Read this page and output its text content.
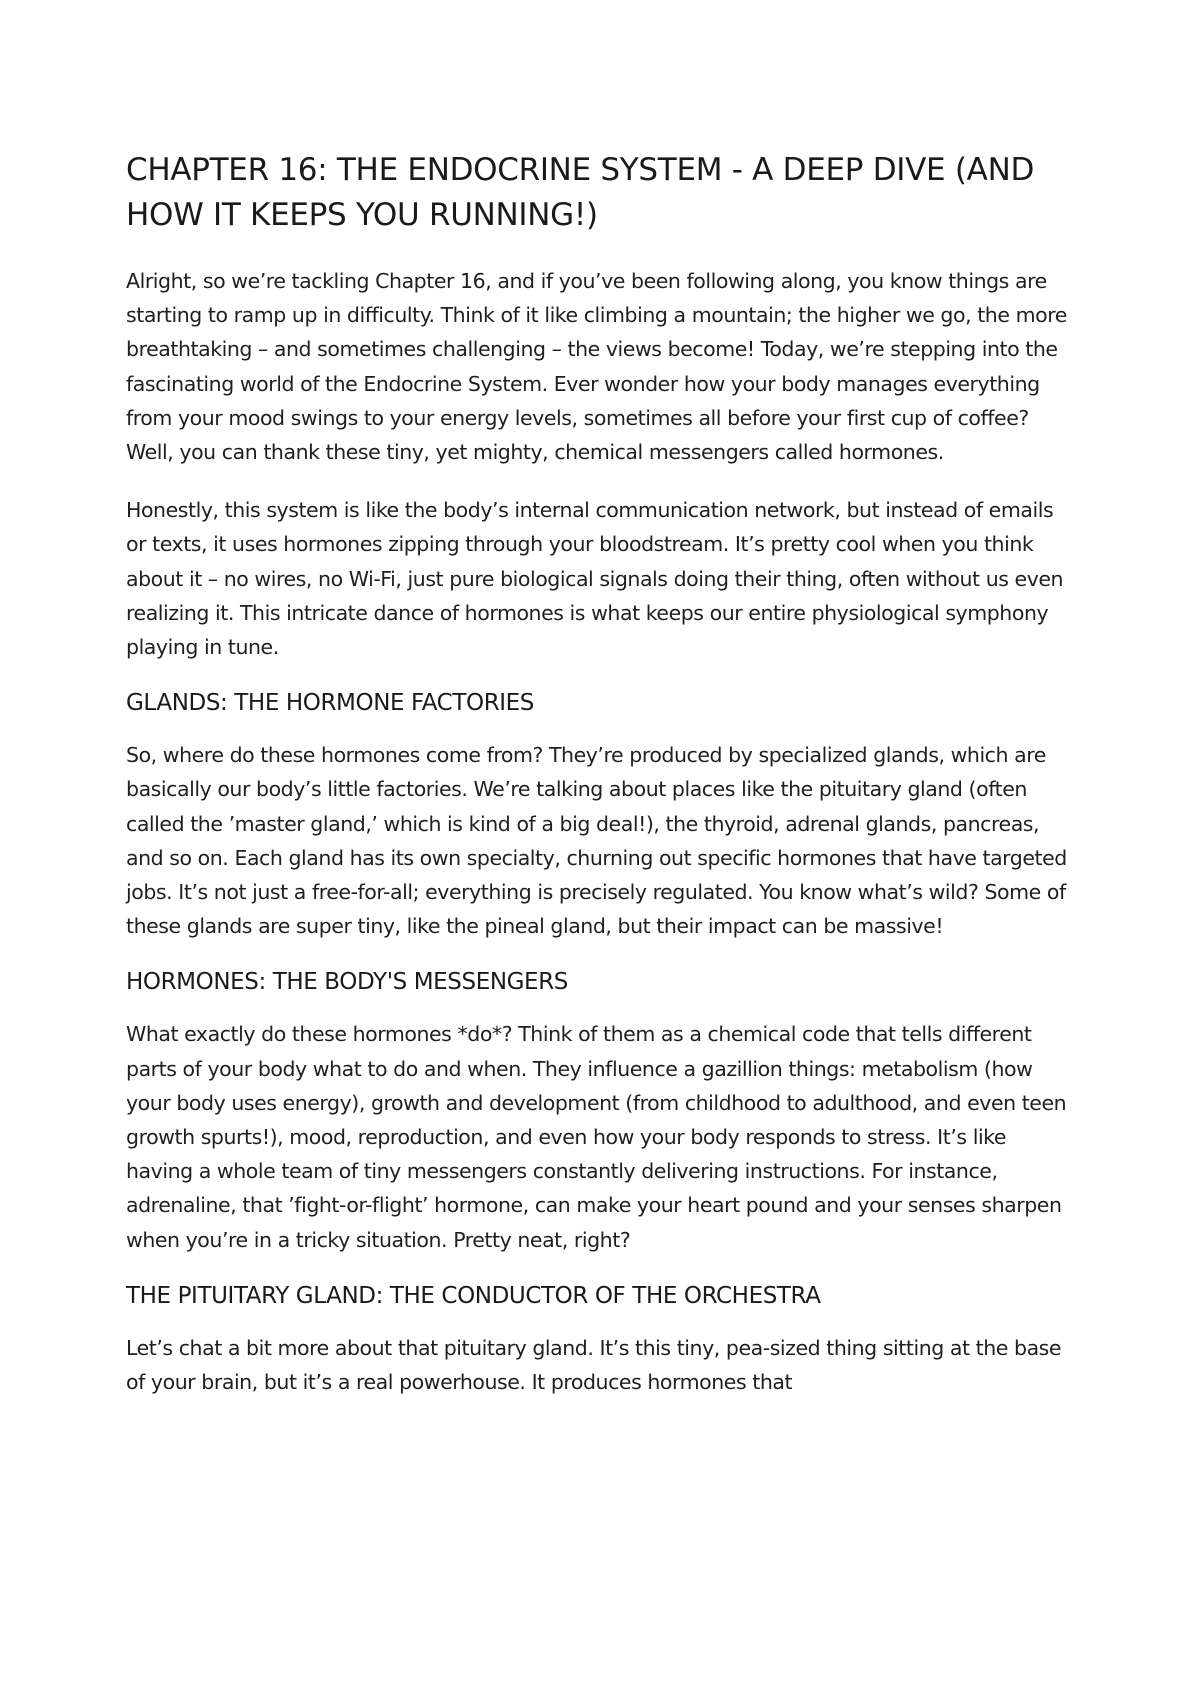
CHAPTER 16: THE ENDOCRINE SYSTEM - A DEEP DIVE (AND HOW IT KEEPS YOU RUNNING!)

Alright, so we’re tackling Chapter 16, and if you’ve been following along, you know things are starting to ramp up in difficulty. Think of it like climbing a mountain; the higher we go, the more breathtaking – and sometimes challenging – the views become! Today, we’re stepping into the fascinating world of the Endocrine System. Ever wonder how your body manages everything from your mood swings to your energy levels, sometimes all before your first cup of coffee? Well, you can thank these tiny, yet mighty, chemical messengers called hormones.

Honestly, this system is like the body’s internal communication network, but instead of emails or texts, it uses hormones zipping through your bloodstream. It’s pretty cool when you think about it – no wires, no Wi-Fi, just pure biological signals doing their thing, often without us even realizing it. This intricate dance of hormones is what keeps our entire physiological symphony playing in tune.

GLANDS: THE HORMONE FACTORIES

So, where do these hormones come from? They’re produced by specialized glands, which are basically our body’s little factories. We’re talking about places like the pituitary gland (often called the ’master gland,’ which is kind of a big deal!), the thyroid, adrenal glands, pancreas, and so on. Each gland has its own specialty, churning out specific hormones that have targeted jobs. It’s not just a free-for-all; everything is precisely regulated. You know what’s wild? Some of these glands are super tiny, like the pineal gland, but their impact can be massive!

HORMONES: THE BODY'S MESSENGERS

What exactly do these hormones *do*? Think of them as a chemical code that tells different parts of your body what to do and when. They influence a gazillion things: metabolism (how your body uses energy), growth and development (from childhood to adulthood, and even teen growth spurts!), mood, reproduction, and even how your body responds to stress. It’s like having a whole team of tiny messengers constantly delivering instructions. For instance, adrenaline, that ’fight-or-flight’ hormone, can make your heart pound and your senses sharpen when you’re in a tricky situation. Pretty neat, right?

THE PITUITARY GLAND: THE CONDUCTOR OF THE ORCHESTRA

Let’s chat a bit more about that pituitary gland. It’s this tiny, pea-sized thing sitting at the base of your brain, but it’s a real powerhouse. It produces hormones that
